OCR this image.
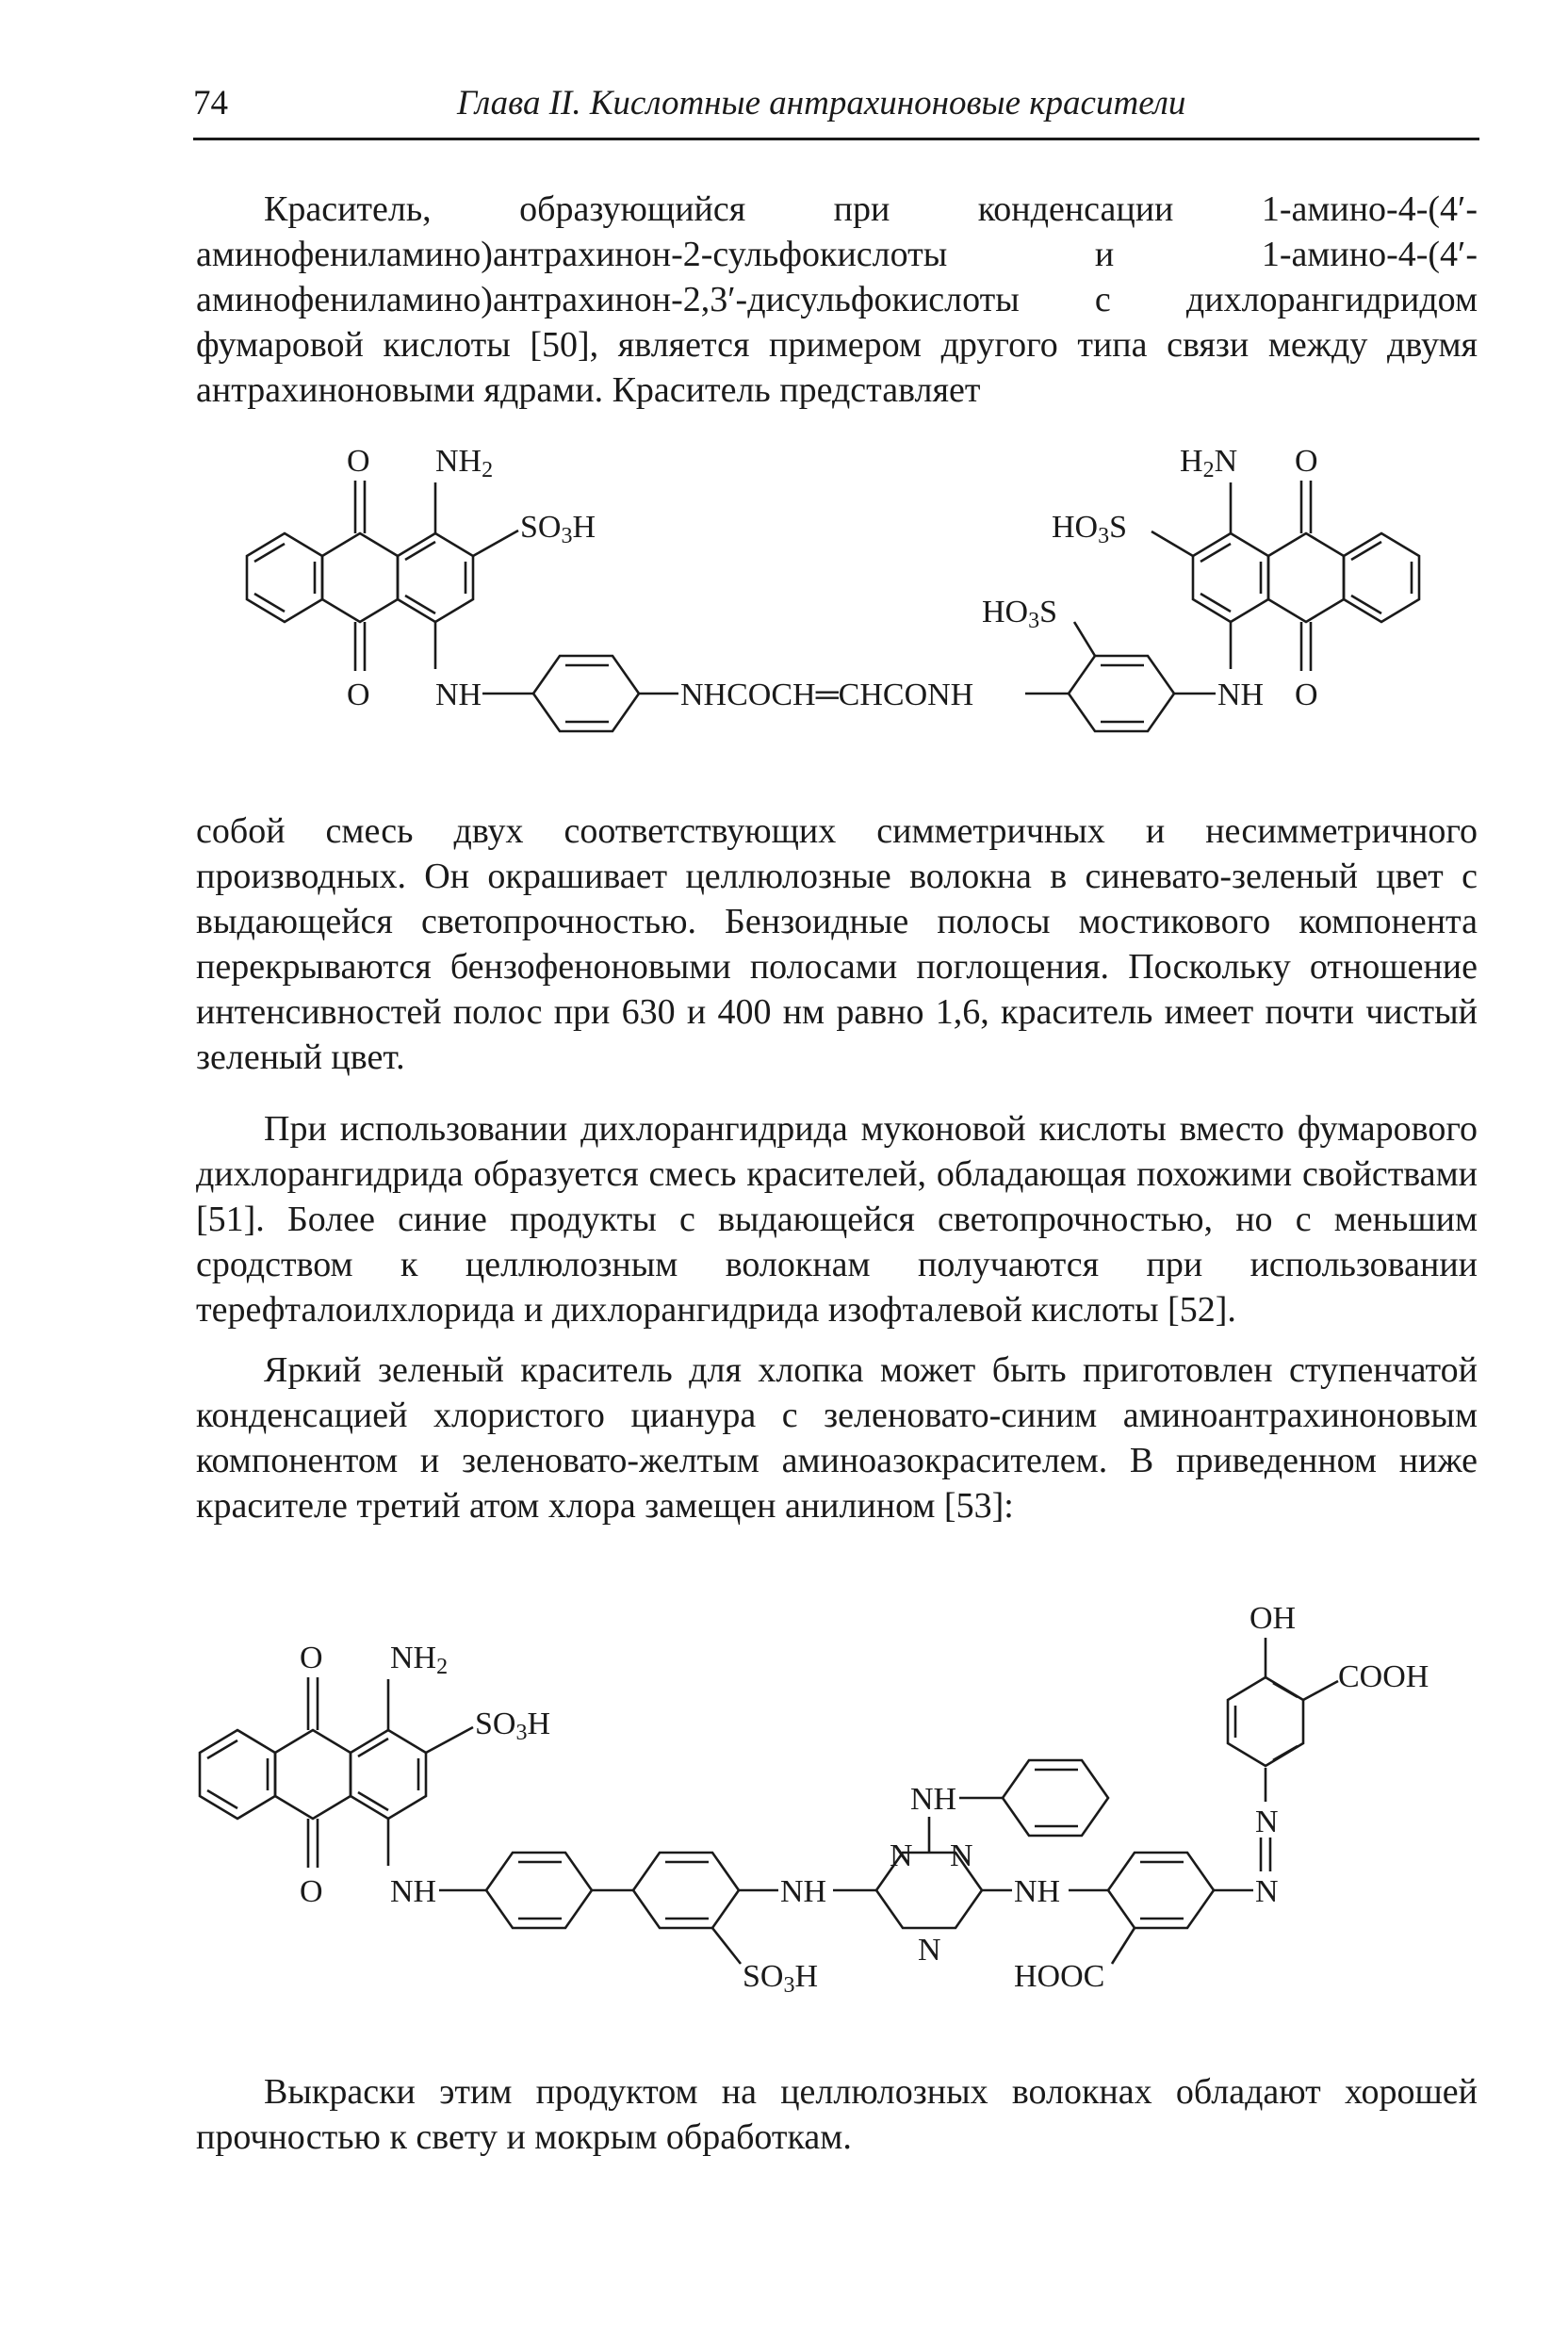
74	Глава II. Кислотные антрахиноновые красители

Краситель, образующийся при конденсации 1-амино-4-(4′-аминофениламино)антрахинон-2-сульфокислоты и 1-амино-4-(4′-аминофениламино)антрахинон-2,3′-дисульфокислоты с дихлорангидридом фумаровой кислоты [50], является примером другого типа связи между двумя антрахиноновыми ядрами. Краситель представляет

O NH2
SO3H
O NH	NHCOCH═CHCONH	NH
HO3S
H2N O
HO3S
O

собой смесь двух соответствующих симметричных и несимметричного производных. Он окрашивает целлюлозные волокна в синевато-зеленый цвет с выдающейся светопрочностью. Бензоидные полосы мостикового компонента перекрываются бензофеноновыми полосами поглощения. Поскольку отношение интенсивностей полос при 630 и 400 нм равно 1,6, краситель имеет почти чистый зеленый цвет.

При использовании дихлорангидрида муконовой кислоты вместо фумарового дихлорангидрида образуется смесь красителей, обладающая похожими свойствами [51]. Более синие продукты с выдающейся светопрочностью, но с меньшим сродством к целлюлозным волокнам получаются при использовании терефталоилхлорида и дихлорангидрида изофталевой кислоты [52].

Яркий зеленый краситель для хлопка может быть приготовлен ступенчатой конденсацией хлористого циануpa с зеленовато-синим аминоантрахиноновым компонентом и зеленовато-желтым аминоазокрасителем. В приведенном ниже красителе третий атом хлора замещен анилином [53]:

O NH2
SO3H
O NH
SO3H
NH
N N
N
NH
NH
HOOC
N
N
OH
COOH

Выкраски этим продуктом на целлюлозных волокнах обладают хорошей прочностью к свету и мокрым обработкам.
